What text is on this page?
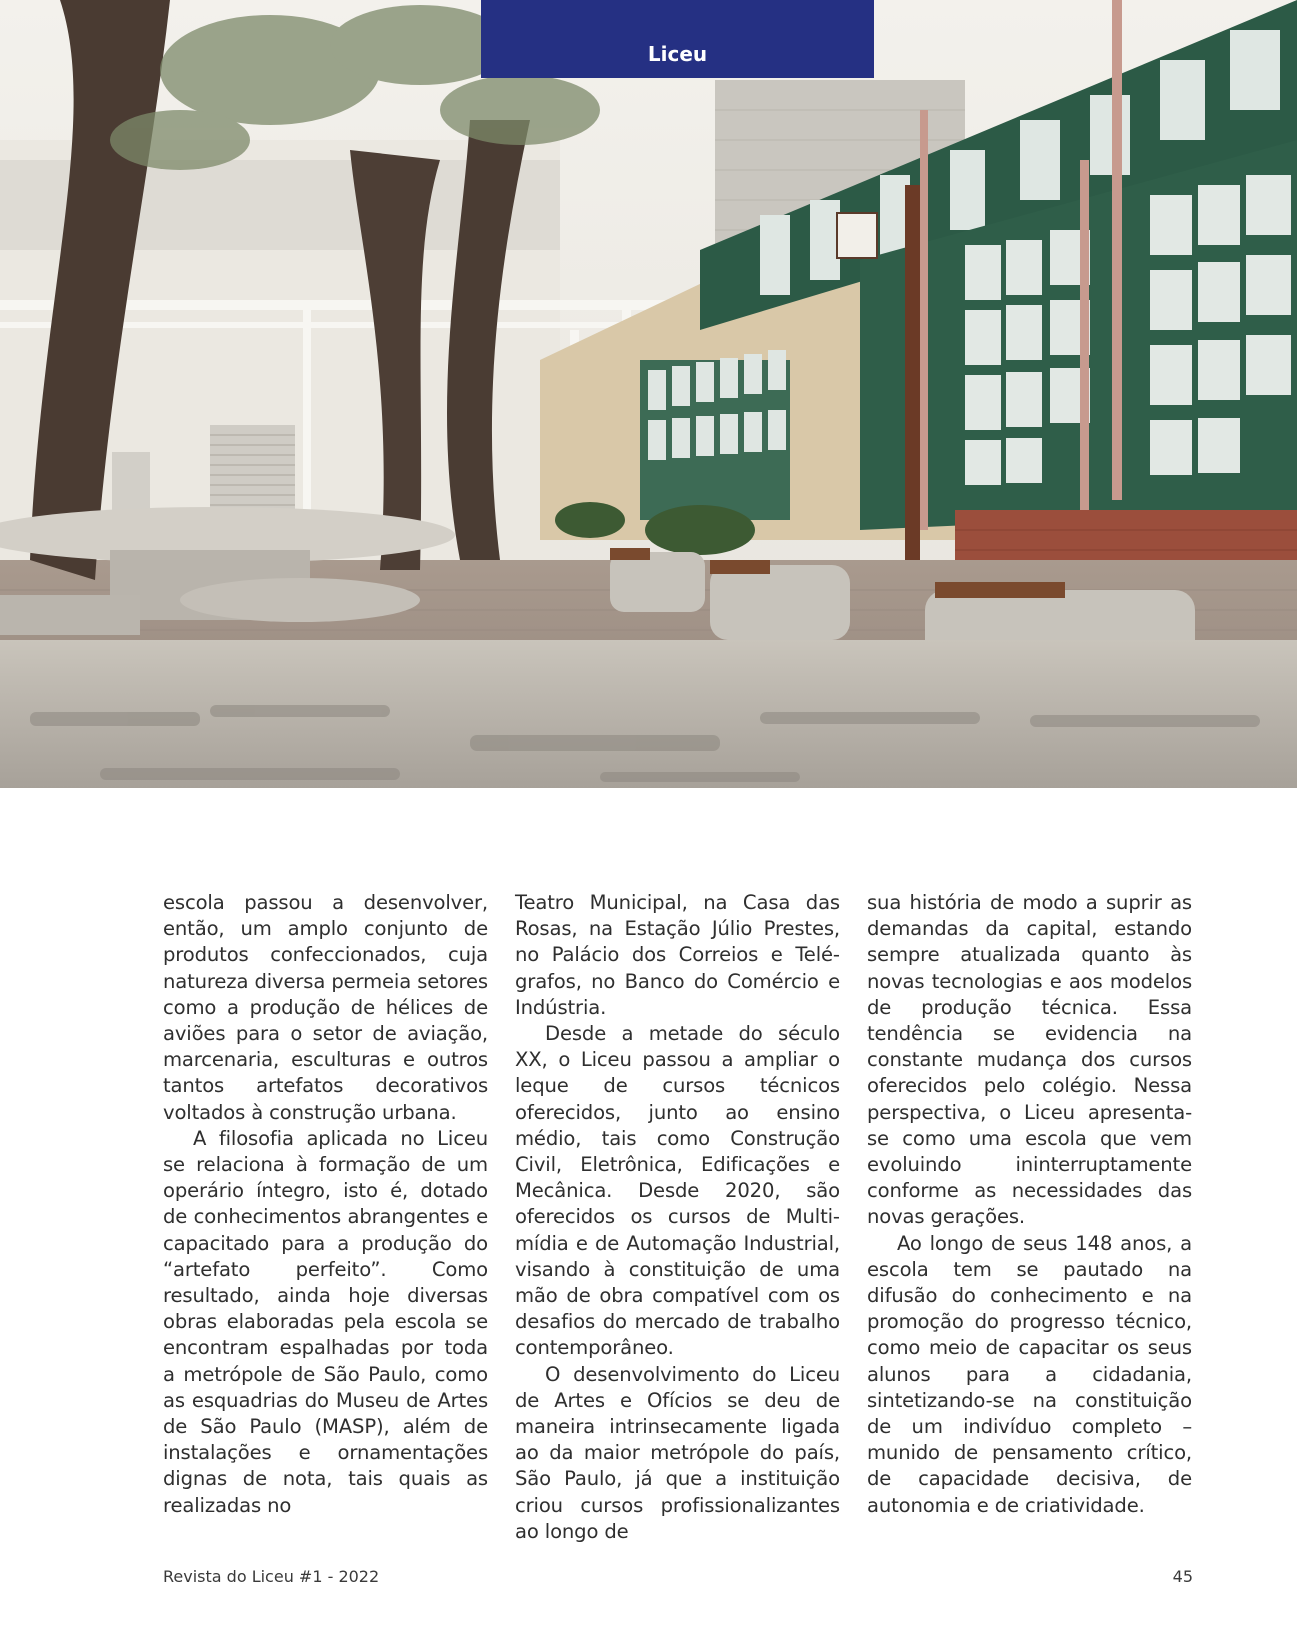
Liceu

escola passou a desenvolver, então, um amplo conjunto de produtos confeccionados, cuja natureza diversa permeia setores como a produção de hélices de aviões para o setor de aviação, marcenaria, esculturas e outros tantos artefatos decorativos voltados à construção urbana.

A filosofia aplicada no Liceu se relaciona à formação de um operário íntegro, isto é, dotado de conhecimentos abrangentes e capacitado para a produção do “artefato perfeito”. Como resultado, ainda hoje diversas obras elaboradas pela escola se encontram espalhadas por toda a metrópole de São Paulo, como as esquadrias do Museu de Artes de São Paulo (MASP), além de instalações e ornamentações dignas de nota, tais quais as realizadas no

Teatro Municipal, na Casa das Rosas, na Estação Júlio Prestes, no Palácio dos Correios e Telégrafos, no Banco do Comércio e Indústria.

Desde a metade do século XX, o Liceu passou a ampliar o leque de cursos técnicos oferecidos, junto ao ensino médio, tais como Construção Civil, Eletrônica, Edificações e Mecânica. Desde 2020, são oferecidos os cursos de Multimídia e de Automação Industrial, visando à constituição de uma mão de obra compatível com os desafios do mercado de trabalho contemporâneo.

O desenvolvimento do Liceu de Artes e Ofícios se deu de maneira intrinsecamente ligada ao da maior metrópole do país, São Paulo, já que a instituição criou cursos profissionalizantes ao longo de

sua história de modo a suprir as demandas da capital, estando sempre atualizada quanto às novas tecnologias e aos modelos de produção técnica. Essa tendência se evidencia na constante mudança dos cursos oferecidos pelo colégio. Nessa perspectiva, o Liceu apresenta-se como uma escola que vem evoluindo ininterruptamente conforme as necessidades das novas gerações.

Ao longo de seus 148 anos, a escola tem se pautado na difusão do conhecimento e na promoção do progresso técnico, como meio de capacitar os seus alunos para a cidadania, sintetizando-se na constituição de um indivíduo completo – munido de pensamento crítico, de capacidade decisiva, de autonomia e de criatividade.

Revista do Liceu #1 - 2022	45
